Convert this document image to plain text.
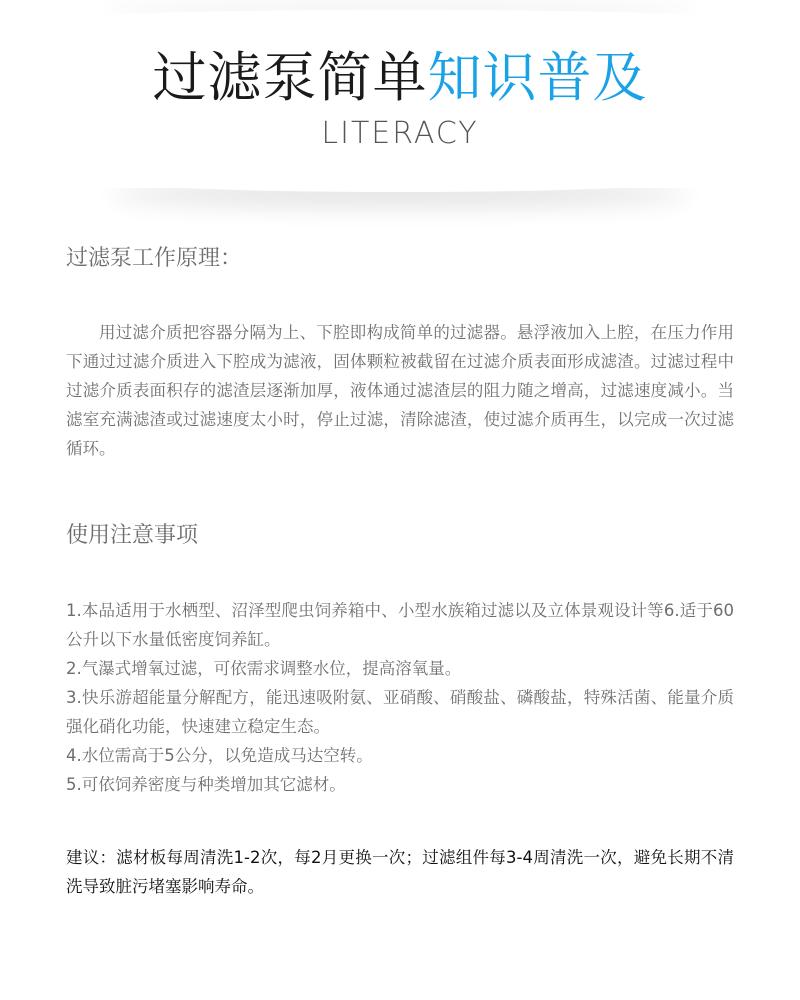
过滤泵简单知识普及
LITERACY
过滤泵工作原理：
用过滤介质把容器分隔为上、下腔即构成简单的过滤器。悬浮液加入上腔，在压力作用下通过过滤介质进入下腔成为滤液，固体颗粒被截留在过滤介质表面形成滤渣。过滤过程中过滤介质表面积存的滤渣层逐渐加厚，液体通过滤渣层的阻力随之增高，过滤速度减小。当滤室充满滤渣或过滤速度太小时，停止过滤，清除滤渣，使过滤介质再生，以完成一次过滤循环。
使用注意事项
1.本品适用于水栖型、沼泽型爬虫饲养箱中、小型水族箱过滤以及立体景观设计等6.适于60公升以下水量低密度饲养缸。
2.气瀑式增氧过滤，可依需求调整水位，提高溶氧量。
3.快乐游超能量分解配方，能迅速吸附氨、亚硝酸、硝酸盐、磷酸盐，特殊活菌、能量介质强化硝化功能，快速建立稳定生态。
4.水位需高于5公分，以免造成马达空转。
5.可依饲养密度与种类增加其它滤材。
建议：滤材板每周清洗1-2次，每2月更换一次；过滤组件每3-4周清洗一次，避免长期不清洗导致脏污堵塞影响寿命。
